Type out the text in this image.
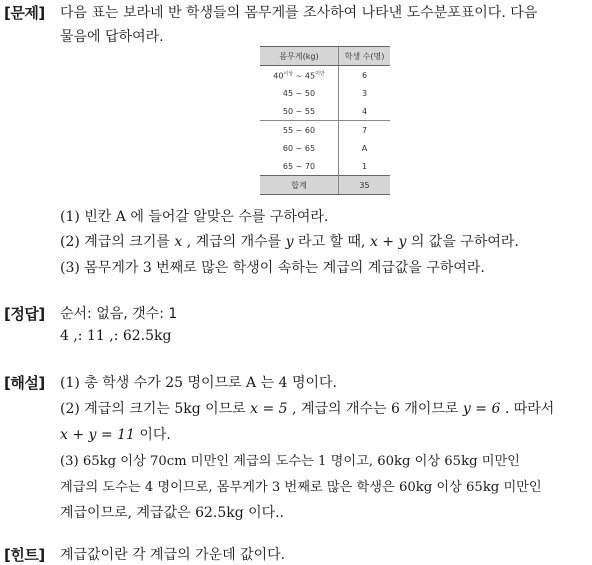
[문제] 다음 표는 보라네 반 학생들의 몸무게를 조사하여 나타낸 도수분포표이다. 다음
물음에 답하여라.
몸무게(kg)	학생 수(명)
$40^{이상}$ ~ $45^{미만}$	6
45 ~ 50	3
50 ~ 55	4
55 ~ 60	7
60 ~ 65	A
65 ~ 70	1
합계	35
(1) 빈칸 A 에 들어갈 알맞은 수를 구하여라.
(2) 계급의 크기를 x , 계급의 개수를 y 라고 할 때, x + y 의 값을 구하여라.
(3) 몸무게가 3 번째로 많은 학생이 속하는 계급의 계급값을 구하여라.
[정답] 순서: 없음, 갯수: 1
4 ,: 11 ,: 62.5kg
[해설] (1) 총 학생 수가 25 명이므로 A 는 4 명이다.
(2) 계급의 크기는 5kg 이므로 x = 5 , 계급의 개수는 6 개이므로 y = 6 . 따라서
x + y = 11 이다.
(3) 65kg 이상 70cm 미만인 계급의 도수는 1 명이고, 60kg 이상 65kg 미만인
계급의 도수는 4 명이므로, 몸무게가 3 번째로 많은 학생은 60kg 이상 65kg 미만인
계급이므로, 계급값은 62.5kg 이다..
[힌트] 계급값이란 각 계급의 가운데 값이다.
